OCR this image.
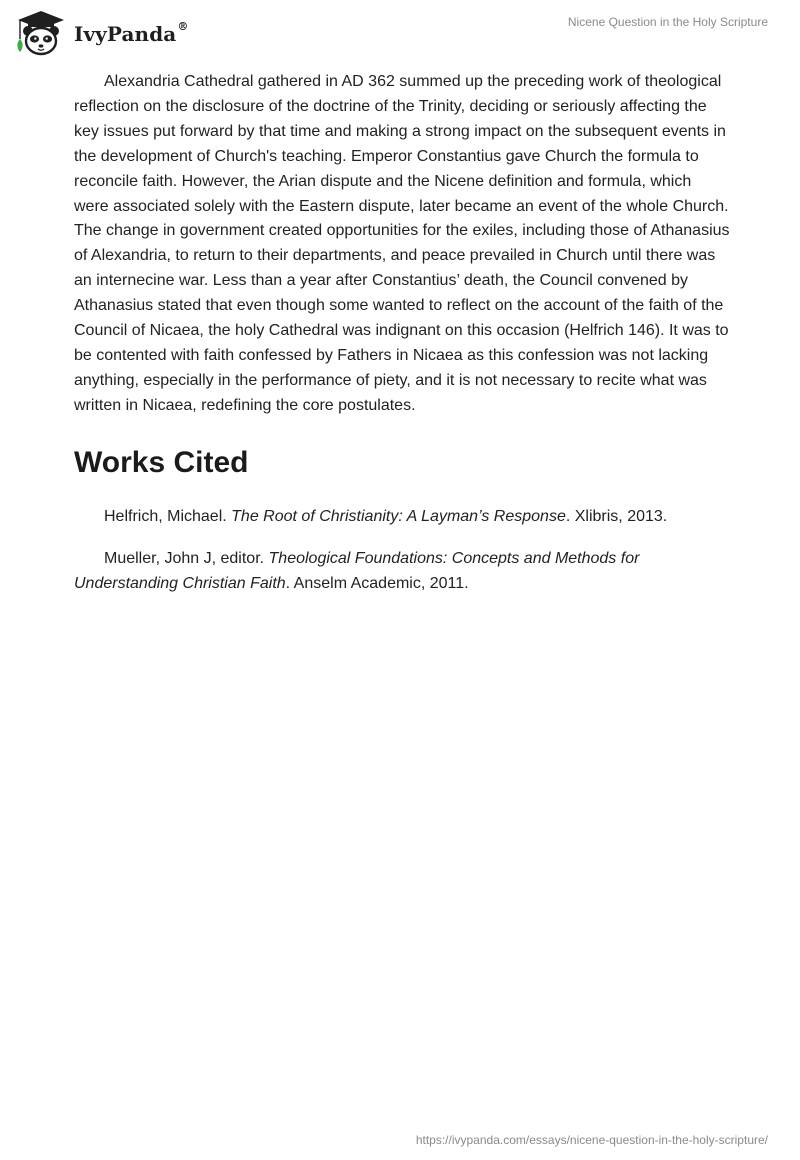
IvyPanda®	Nicene Question in the Holy Scripture

Alexandria Cathedral gathered in AD 362 summed up the preceding work of theological reflection on the disclosure of the doctrine of the Trinity, deciding or seriously affecting the key issues put forward by that time and making a strong impact on the subsequent events in the development of Church's teaching. Emperor Constantius gave Church the formula to reconcile faith. However, the Arian dispute and the Nicene definition and formula, which were associated solely with the Eastern dispute, later became an event of the whole Church. The change in government created opportunities for the exiles, including those of Athanasius of Alexandria, to return to their departments, and peace prevailed in Church until there was an internecine war. Less than a year after Constantius’ death, the Council convened by Athanasius stated that even though some wanted to reflect on the account of the faith of the Council of Nicaea, the holy Cathedral was indignant on this occasion (Helfrich 146). It was to be contented with faith confessed by Fathers in Nicaea as this confession was not lacking anything, especially in the performance of piety, and it is not necessary to recite what was written in Nicaea, redefining the core postulates.

Works Cited

Helfrich, Michael. The Root of Christianity: A Layman’s Response. Xlibris, 2013.

Mueller, John J, editor. Theological Foundations: Concepts and Methods for Understanding Christian Faith. Anselm Academic, 2011.

https://ivypanda.com/essays/nicene-question-in-the-holy-scripture/
